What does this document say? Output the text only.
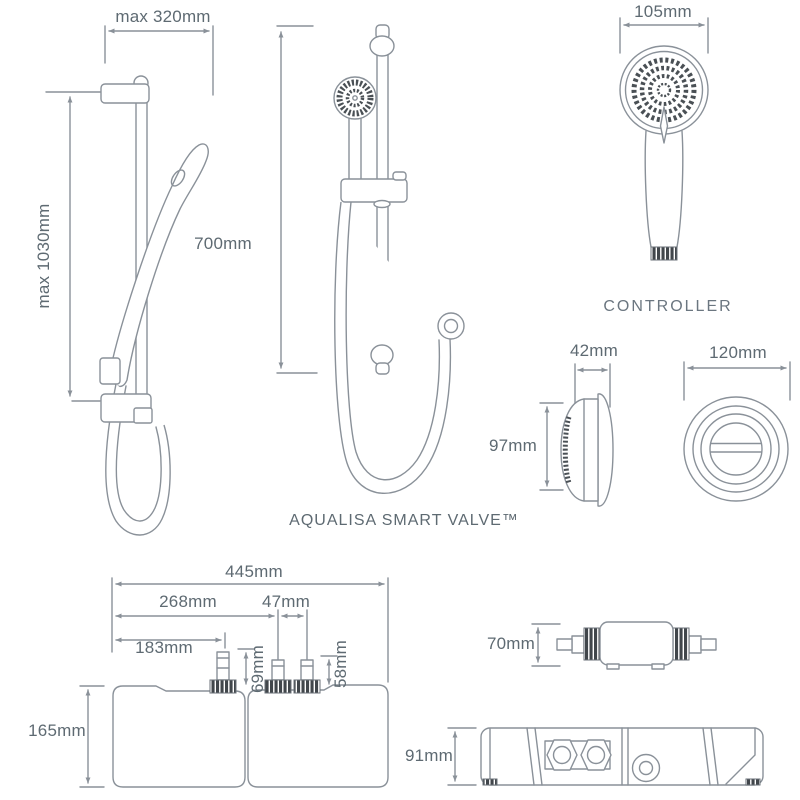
max 320mm
max 1030mm	700mm
105mm
CONTROLLER
42mm
97mm
120mm
AQUALISA SMART VALVE™
445mm
268mm	47mm
183mm	69mm	58mm
165mm
70mm
91mm
